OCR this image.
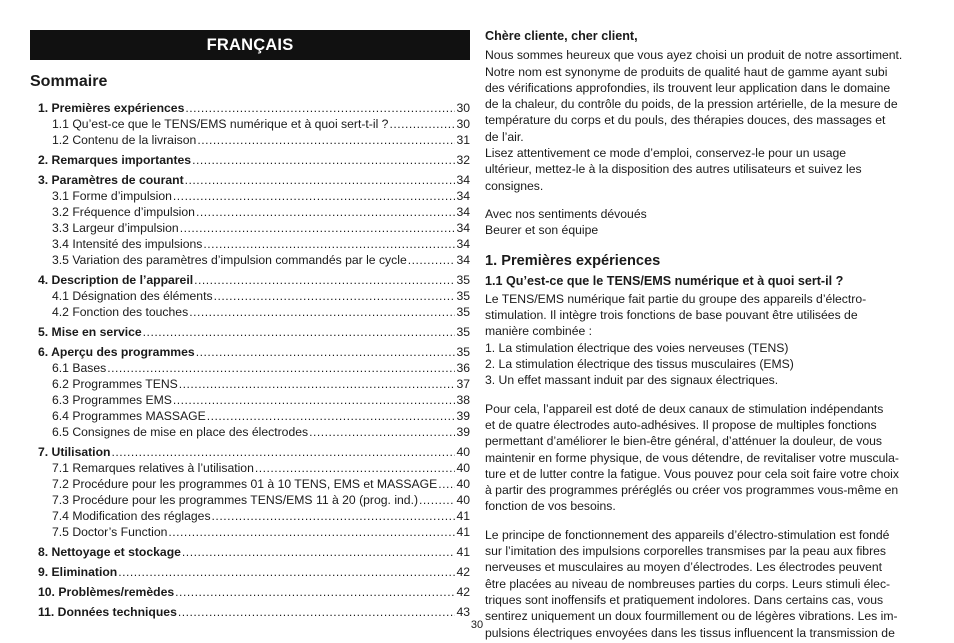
FRANÇAIS
Sommaire
1. Premières expériences .....	30
1.1 Qu’est-ce que le TENS/EMS numérique et à quoi sert-t-il ? .....	30
1.2 Contenu de la livraison .....	31
2. Remarques importantes .....	32
3. Paramètres de courant .....	34
3.1 Forme d’impulsion .....	34
3.2 Fréquence d’impulsion .....	34
3.3 Largeur d’impulsion .....	34
3.4 Intensité des impulsions .....	34
3.5 Variation des paramètres d’impulsion commandés par le cycle .....	34
4. Description de l’appareil .....	35
4.1 Désignation des éléments .....	35
4.2 Fonction des touches .....	35
5. Mise en service .....	35
6. Aperçu des programmes .....	35
6.1 Bases .....	36
6.2 Programmes TENS .....	37
6.3 Programmes EMS .....	38
6.4 Programmes MASSAGE .....	39
6.5 Consignes de mise en place des électrodes .....	39
7. Utilisation .....	40
7.1 Remarques relatives à l’utilisation .....	40
7.2 Procédure pour les programmes 01 à 10 TENS, EMS et MASSAGE ..... 40
7.3 Procédure pour les programmes TENS/EMS 11 à 20 (prog. ind.) .....	40
7.4 Modification des réglages .....	41
7.5 Doctor’s Function .....	41
8. Nettoyage et stockage .....	41
9. Elimination .....	42
10. Problèmes/remèdes .....	42
11. Données techniques .....	43
Chère cliente, cher client,
Nous sommes heureux que vous ayez choisi un produit de notre assortiment.
Notre nom est synonyme de produits de qualité haut de gamme ayant subi
des vérifications approfondies, ils trouvent leur application dans le domaine
de la chaleur, du contrôle du poids, de la pression artérielle, de la mesure de
température du corps et du pouls, des thérapies douces, des massages et
de l’air.
Lisez attentivement ce mode d’emploi, conservez-le pour un usage
ultérieur, mettez-le à la disposition des autres utilisateurs et suivez les
consignes.
Avec nos sentiments dévoués
Beurer et son équipe
1. Premières expériences
1.1 Qu’est-ce que le TENS/EMS numérique et à quoi sert-il ?
Le TENS/EMS numérique fait partie du groupe des appareils d’électro-
stimulation. Il intègre trois fonctions de base pouvant être utilisées de
manière combinée :
1. La stimulation électrique des voies nerveuses (TENS)
2. La stimulation électrique des tissus musculaires (EMS)
3. Un effet massant induit par des signaux électriques.
Pour cela, l’appareil est doté de deux canaux de stimulation indépendants
et de quatre électrodes auto-adhésives. Il propose de multiples fonctions
permettant d’améliorer le bien-être général, d’atténuer la douleur, de vous
maintenir en forme physique, de vous détendre, de revitaliser votre muscula-
ture et de lutter contre la fatigue. Vous pouvez pour cela soit faire votre choix
à partir des programmes préréglés ou créer vos programmes vous-même en
fonction de vos besoins.
Le principe de fonctionnement des appareils d’électro-stimulation est fondé
sur l’imitation des impulsions corporelles transmises par la peau aux fibres
nerveuses et musculaires au moyen d’électrodes. Les électrodes peuvent
être placées au niveau de nombreuses parties du corps. Leurs stimuli élec-
triques sont inoffensifs et pratiquement indolores. Dans certains cas, vous
sentirez uniquement un doux fourmillement ou de légères vibrations. Les im-
pulsions électriques envoyées dans les tissus influencent la transmission de
30
